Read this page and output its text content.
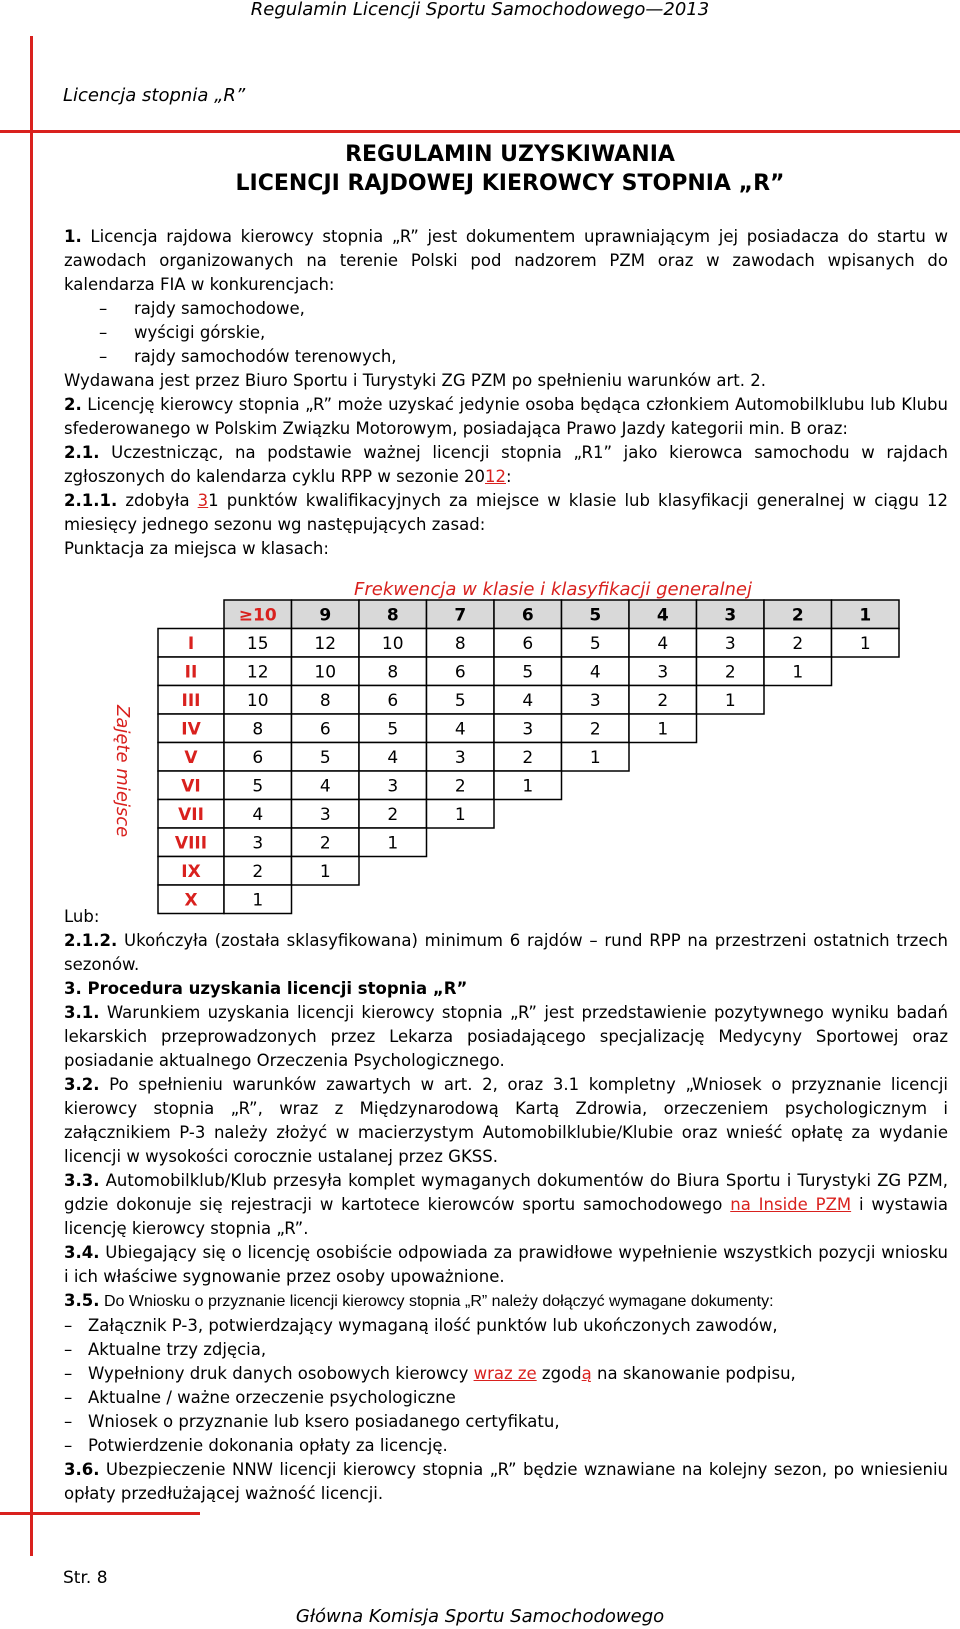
Regulamin Licencji Sportu Samochodowego—2013
Licencja stopnia „R”
REGULAMIN UZYSKIWANIA
LICENCJI RAJDOWEJ KIEROWCY STOPNIA „R”

1. Licencja rajdowa kierowcy stopnia „R” jest dokumentem uprawniającym jej posiadacza do startu w zawodach organizowanych na terenie Polski pod nadzorem PZM oraz w zawodach wpisanych do kalendarza FIA w konkurencjach:

– rajdy samochodowe,

– wyścigi górskie,

– rajdy samochodów terenowych,

Wydawana jest przez Biuro Sportu i Turystyki ZG PZM po spełnieniu warunków art. 2.

2. Licencję kierowcy stopnia „R” może uzyskać jedynie osoba będąca członkiem Automobilklubu lub Klubu sfederowanego w Polskim Związku Motorowym, posiadająca Prawo Jazdy kategorii min. B oraz:

2.1. Uczestnicząc, na podstawie ważnej licencji stopnia „R1” jako kierowca samochodu w rajdach zgłoszonych do kalendarza cyklu RPP w sezonie 2012:

2.1.1. zdobyła 31 punktów kwalifikacyjnych za miejsce w klasie lub klasyfikacji generalnej w ciągu 12 miesięcy jednego sezonu wg następujących zasad:

Punktacja za miejsca w klasach:

Lub:

2.1.2. Ukończyła (została sklasyfikowana) minimum 6 rajdów – rund RPP na przestrzeni ostatnich trzech sezonów.

3. Procedura uzyskania licencji stopnia „R”

3.1. Warunkiem uzyskania licencji kierowcy stopnia „R” jest przedstawienie pozytywnego wyniku badań lekarskich przeprowadzonych przez Lekarza posiadającego specjalizację Medycyny Sportowej oraz posiadanie aktualnego Orzeczenia Psychologicznego.

3.2. Po spełnieniu warunków zawartych w art. 2, oraz 3.1 kompletny „Wniosek o przyznanie licencji kierowcy stopnia „R”, wraz z Międzynarodową Kartą Zdrowia, orzeczeniem psychologicznym i załącznikiem P-3 należy złożyć w macierzystym Automobilklubie/Klubie oraz wnieść opłatę za wydanie licencji w wysokości corocznie ustalanej przez GKSS.

3.3. Automobilklub/Klub przesyła komplet wymaganych dokumentów do Biura Sportu i Turystyki ZG PZM, gdzie dokonuje się rejestracji w kartotece kierowców sportu samochodowego na Inside PZM i wystawia licencję kierowcy stopnia „R”.

3.4. Ubiegający się o licencję osobiście odpowiada za prawidłowe wypełnienie wszystkich pozycji wniosku i ich właściwe sygnowanie przez osoby upoważnione.

3.5. Do Wniosku o przyznanie licencji kierowcy stopnia „R” należy dołączyć wymagane dokumenty:

– Załącznik P-3, potwierdzający wymaganą ilość punktów lub ukończonych zawodów,

– Aktualne trzy zdjęcia,

– Wypełniony druk danych osobowych kierowcy wraz ze zgodą na skanowanie podpisu,

– Aktualne / ważne orzeczenie psychologiczne

– Wniosek o przyznanie lub ksero posiadanego certyfikatu,

– Potwierdzenie dokonania opłaty za licencję.

3.6. Ubezpieczenie NNW licencji kierowcy stopnia „R” będzie wznawiane na kolejny sezon, po wniesieniu opłaty przedłużającej ważność licencji.

Frekwencja w klasie i klasyfikacji generalnej
Zajęte miejsce
≥10	9	8	7	6	5	4	3	2	1
I	15	12	10	8	6	5	4	3	2	1
II	12	10	8	6	5	4	3	2	1
III	10	8	6	5	4	3	2	1
IV	8	6	5	4	3	2	1
V	6	5	4	3	2	1
VI	5	4	3	2	1
VII	4	3	2	1
VIII	3	2	1
IX	2	1
X	1
Str. 8
Główna Komisja Sportu Samochodowego
